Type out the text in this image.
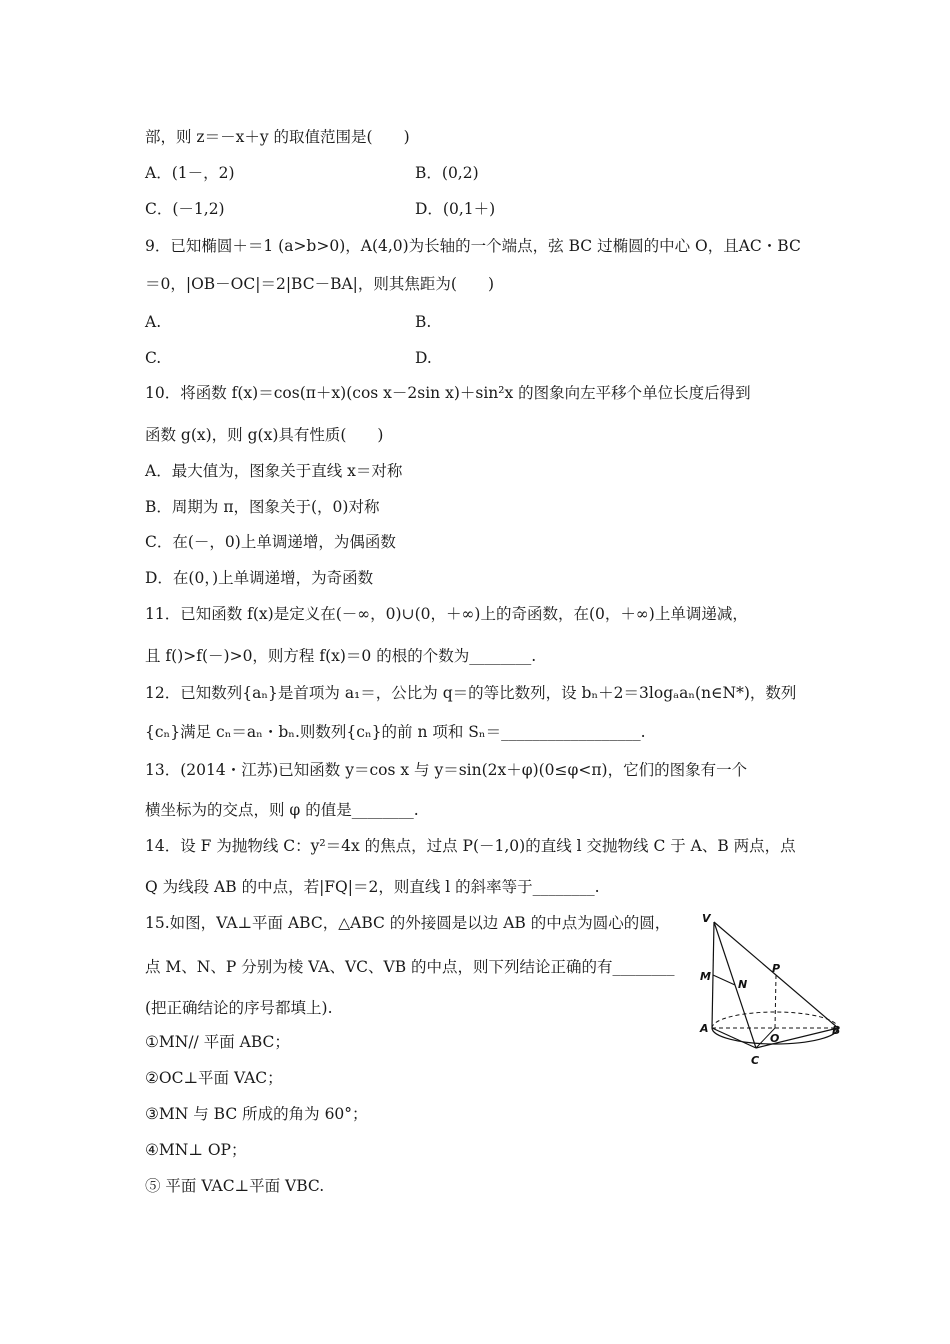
部，则 z＝－x＋y 的取值范围是(　　)
A．(1－，2)	B．(0,2)
C．(－1,2)	D．(0,1＋)
9．已知椭圆＋＝1 (a>b>0)，A(4,0)为长轴的一个端点，弦 BC 过椭圆的中心 O，且AC・BC
＝0，|OB－OC|＝2|BC－BA|，则其焦距为(　　)
A.	B.
C.	D.
10．将函数 f(x)＝cos(π＋x)(cos x－2sin x)＋sin²x 的图象向左平移个单位长度后得到
函数 g(x)，则 g(x)具有性质(　　)
A．最大值为，图象关于直线 x＝对称
B．周期为 π，图象关于(，0)对称
C．在(－，0)上单调递增，为偶函数
D．在(0，)上单调递增，为奇函数
11．已知函数 f(x)是定义在(－∞，0)∪(0，＋∞)上的奇函数，在(0，＋∞)上单调递减，
且 f()>f(－)>0，则方程 f(x)＝0 的根的个数为________.
12．已知数列{aₙ}是首项为 a₁＝，公比为 q＝的等比数列，设 bₙ＋2＝3logₐaₙ(n∈N*)，数列
{cₙ}满足 cₙ＝aₙ・bₙ.则数列{cₙ}的前 n 项和 Sₙ＝__________________.
13．(2014・江苏)已知函数 y＝cos x 与 y＝sin(2x＋φ)(0≤φ<π)，它们的图象有一个
横坐标为的交点，则 φ 的值是________.
14．设 F 为抛物线 C：y²＝4x 的焦点，过点 P(－1,0)的直线 l 交抛物线 C 于 A、B 两点，点
Q 为线段 AB 的中点，若|FQ|＝2，则直线 l 的斜率等于________.
15.如图，VA⊥平面 ABC，△ABC 的外接圆是以边 AB 的中点为圆心的圆，
点 M、N、P 分别为棱 VA、VC、VB 的中点，则下列结论正确的有________
(把正确结论的序号都填上).
①MN// 平面 ABC；
②OC⊥平面 VAC；
③MN 与 BC 所成的角为 60°；
④MN⊥ OP；
⑤ 平面 VAC⊥平面 VBC.
V
M
N
P
A
O
B
C
